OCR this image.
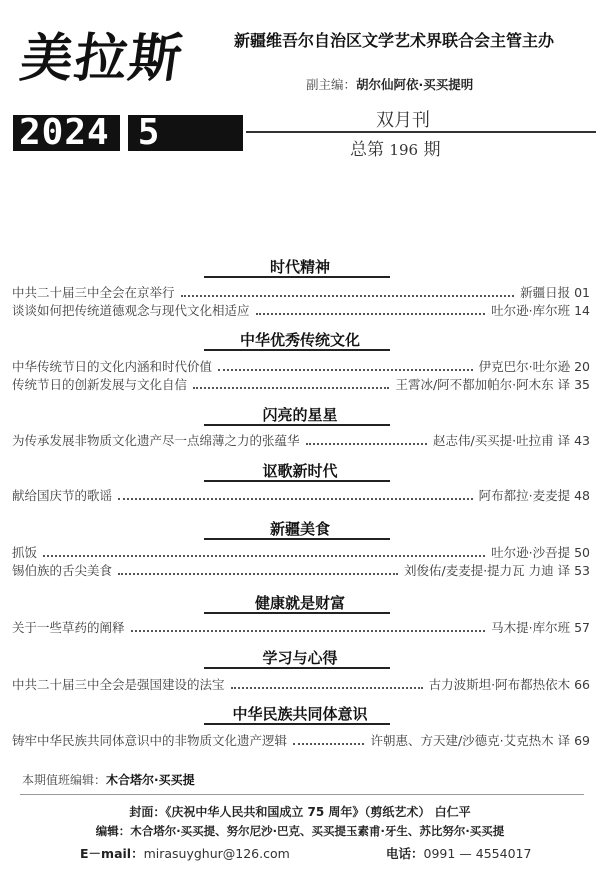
美拉斯	新疆维吾尔自治区文学艺术界联合会主管主办
副主编：胡尔仙阿依·买买提明
2024 5	双月刊
总第 196 期
时代精神
中共二十届三中全会在京举行	新疆日报 01
谈谈如何把传统道德观念与现代文化相适应	吐尔逊·库尔班 14
中华优秀传统文化
中华传统节日的文化内涵和时代价值	伊克巴尔·吐尔逊 20
传统节日的创新发展与文化自信	王霄冰/阿不都加帕尔·阿木东 译 35
闪亮的星星
为传承发展非物质文化遗产尽一点绵薄之力的张蕴华	赵志伟/买买提·吐拉甫 译 43
讴歌新时代
献给国庆节的歌谣	阿布都拉·麦麦提 48
新疆美食
抓饭	吐尔逊·沙吾提 50
锡伯族的舌尖美食	刘俊佑/麦麦提·提力瓦 力迪 译 53
健康就是财富
关于一些草药的阐释	马木提·库尔班 57
学习与心得
中共二十届三中全会是强国建设的法宝	古力波斯坦·阿布都热依木 66
中华民族共同体意识
铸牢中华民族共同体意识中的非物质文化遗产逻辑	许朝惠、方天建/沙德克·艾克热木 译 69
本期值班编辑：木合塔尔·买买提
封面：《庆祝中华人民共和国成立 75 周年》（剪纸艺术） 白仁平
编辑：木合塔尔·买买提、努尔尼沙·巴克、买买提玉素甫·牙生、苏比努尔·买买提
E－mail：mirasuyghur@126.com	电话：0991 — 4554017
